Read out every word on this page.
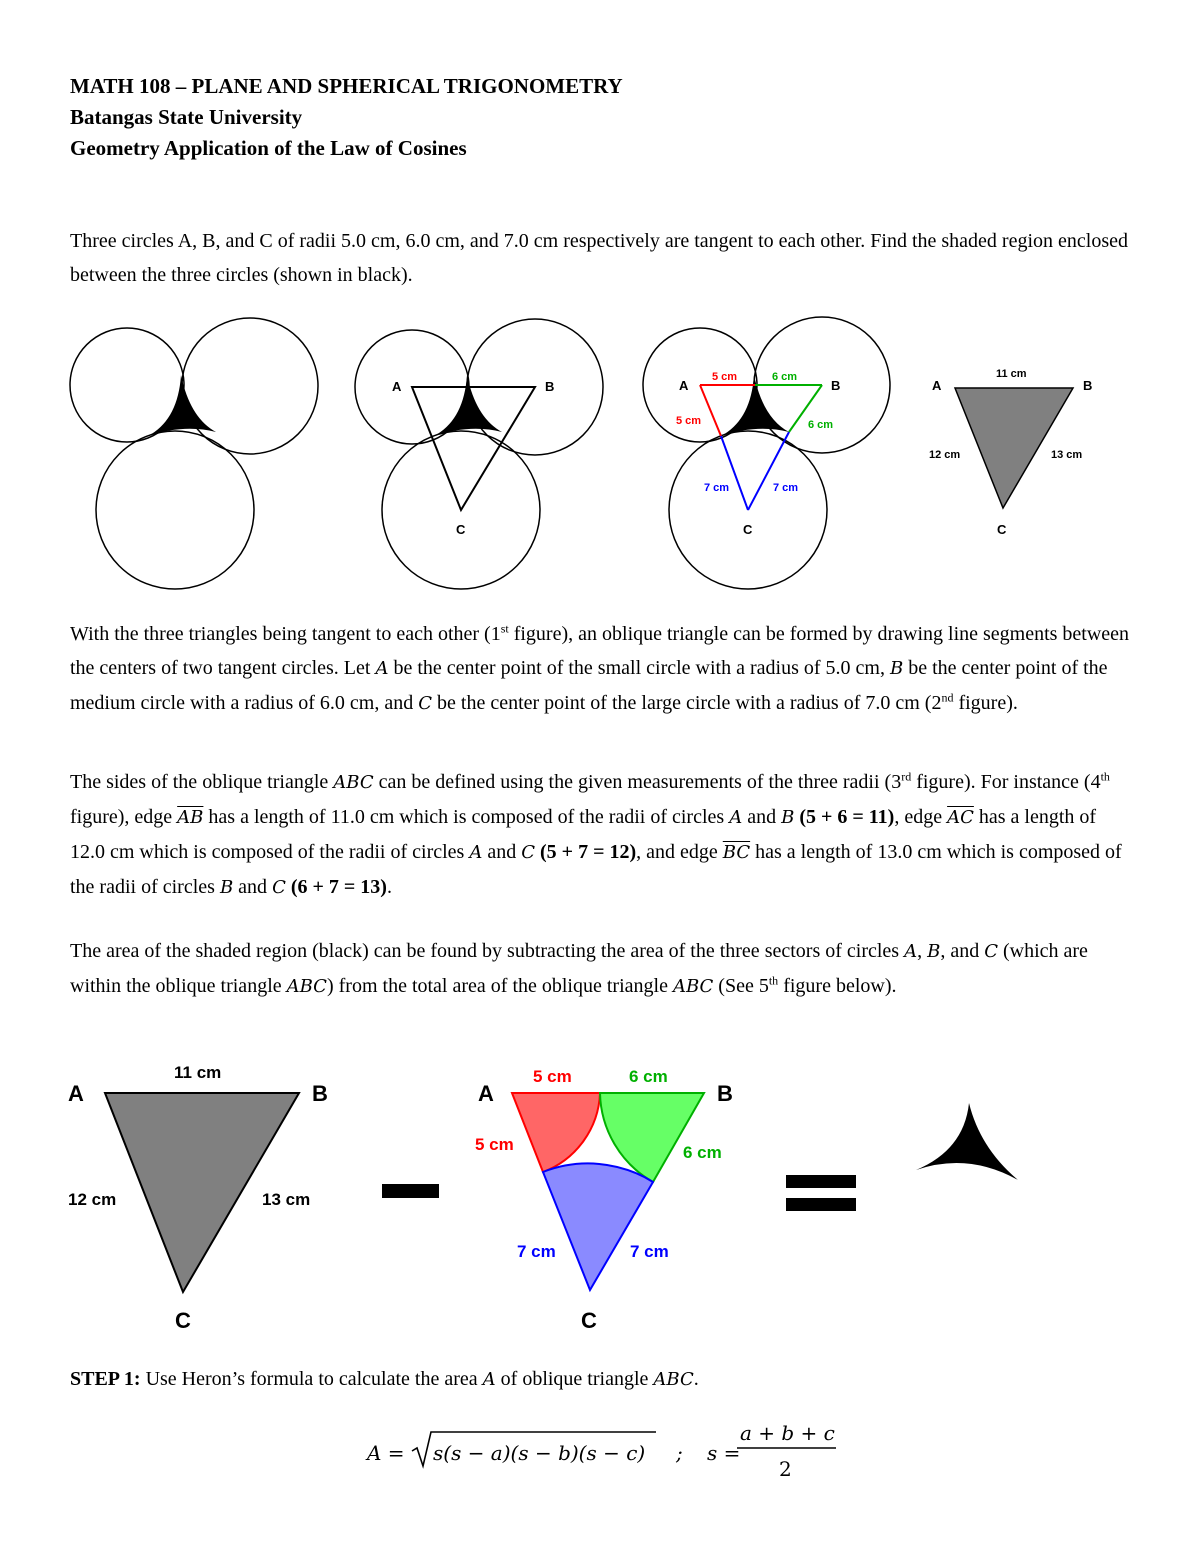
MATH 108 – PLANE AND SPHERICAL TRIGONOMETRY
Batangas State University
Geometry Application of the Law of Cosines
Three circles A, B, and C of radii 5.0 cm, 6.0 cm, and 7.0 cm respectively are tangent to each other. Find the shaded region enclosed between the three circles (shown in black).
A	B
C
A	B
C
5 cm	6 cm
5 cm	6 cm
7 cm	7 cm
A	B
C
11 cm
12 cm	13 cm
With the three triangles being tangent to each other (1st figure), an oblique triangle can be formed by drawing line segments between the centers of two tangent circles. Let A be the center point of the small circle with a radius of 5.0 cm, B be the center point of the medium circle with a radius of 6.0 cm, and C be the center point of the large circle with a radius of 7.0 cm (2nd figure).
The sides of the oblique triangle ABC can be defined using the given measurements of the three radii (3rd figure). For instance (4th figure), edge $\overline{AB}$ has a length of 11.0 cm which is composed of the radii of circles A and B (5 + 6 = 11), edge $\overline{AC}$ has a length of 12.0 cm which is composed of the radii of circles A and C (5 + 7 = 12), and edge $\overline{BC}$ has a length of 13.0 cm which is composed of the radii of circles B and C (6 + 7 = 13).
The area of the shaded region (black) can be found by subtracting the area of the three sectors of circles A, B, and C (which are within the oblique triangle ABC) from the total area of the oblique triangle ABC (See 5th figure below).
A	B
C
11 cm
12 cm	13 cm
A	B
C
5 cm	6 cm
5 cm	6 cm
7 cm	7 cm
STEP 1: Use Heron’s formula to calculate the area A of oblique triangle ABC.
A = s(s − a)(s − b)(s − c) ; s =
a + b + c
2
